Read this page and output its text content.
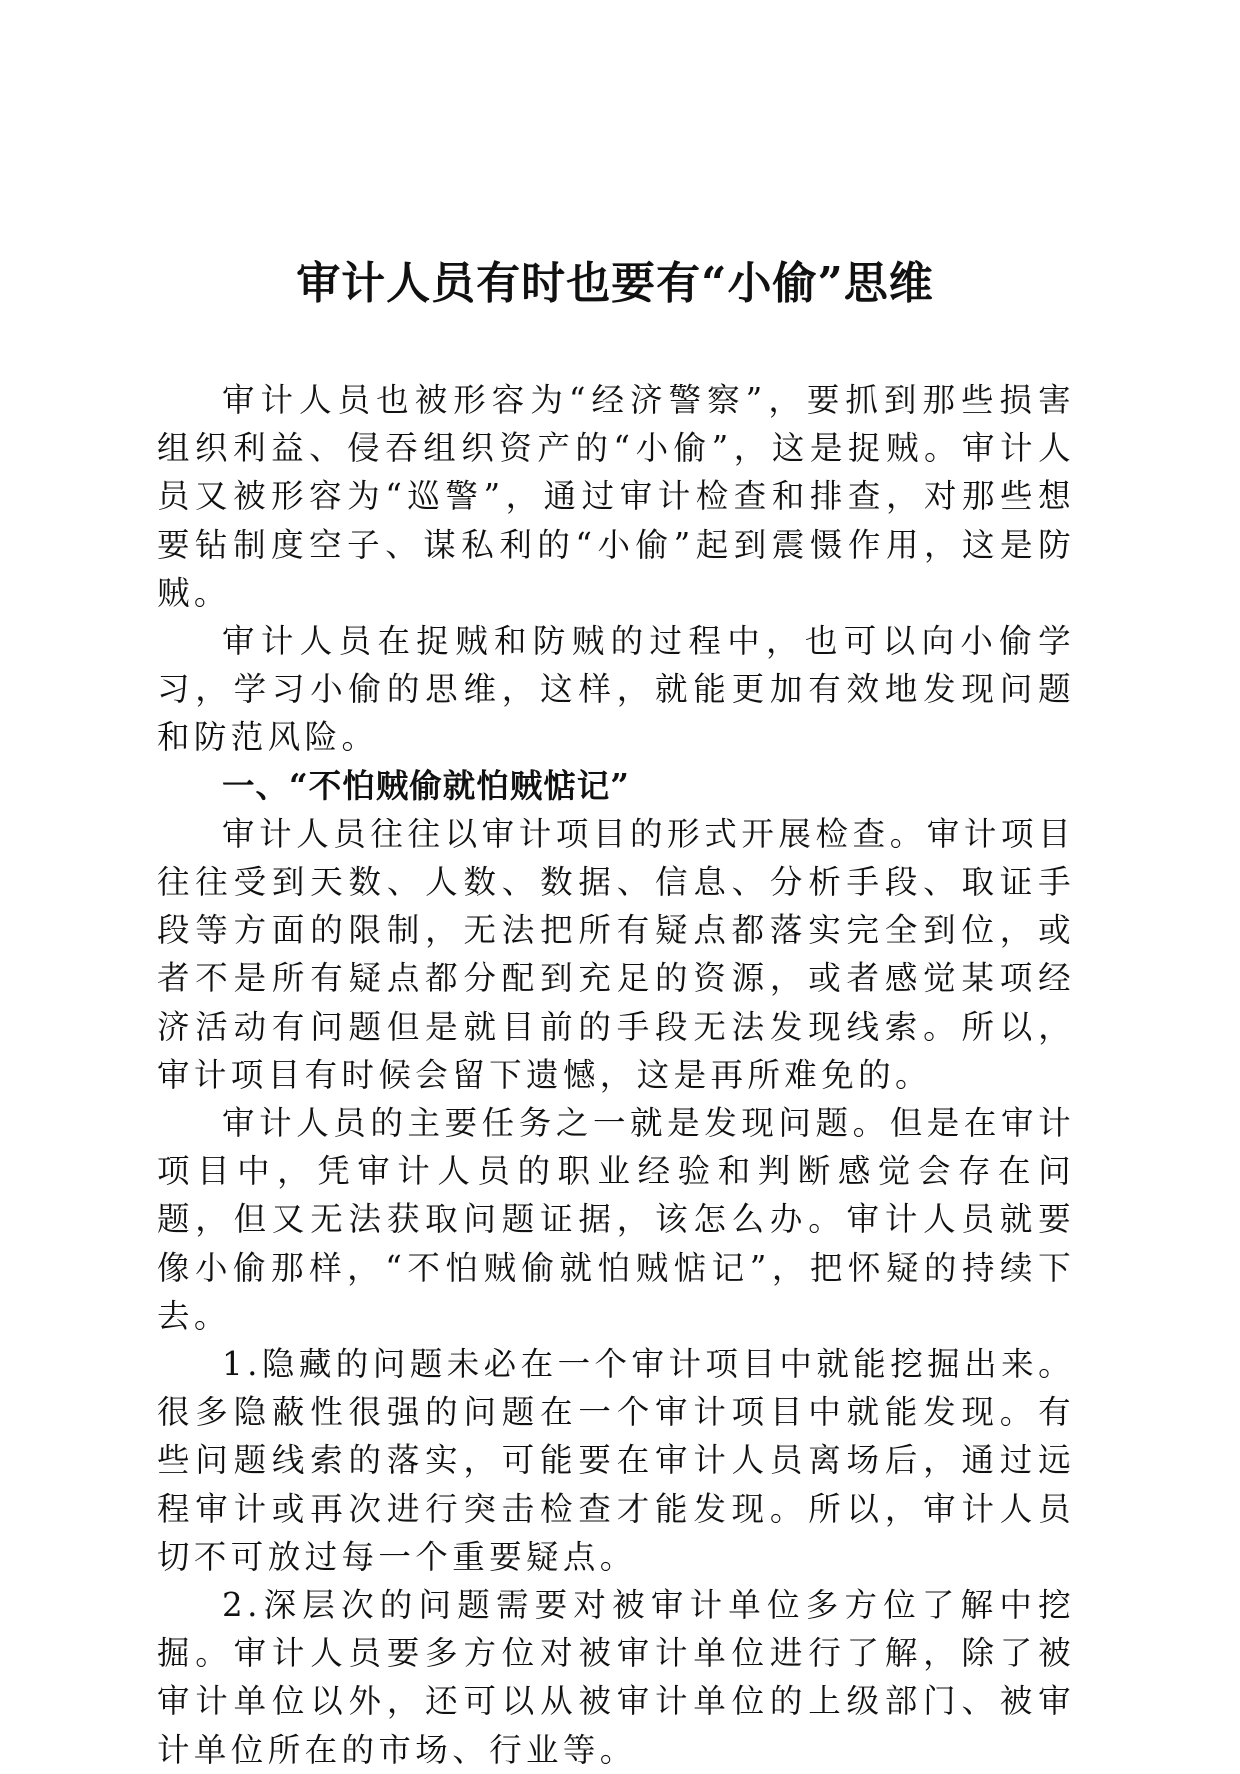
审计人员有时也要有“小偷”思维

审计人员也被形容为“经济警察”，要抓到那些损害组织利益、侵吞组织资产的“小偷”，这是捉贼。审计人员又被形容为“巡警”，通过审计检查和排查，对那些想要钻制度空子、谋私利的“小偷”起到震慑作用，这是防贼。

审计人员在捉贼和防贼的过程中，也可以向小偷学习，学习小偷的思维，这样，就能更加有效地发现问题和防范风险。

一、“不怕贼偷就怕贼惦记”

审计人员往往以审计项目的形式开展检查。审计项目往往受到天数、人数、数据、信息、分析手段、取证手段等方面的限制，无法把所有疑点都落实完全到位，或者不是所有疑点都分配到充足的资源，或者感觉某项经济活动有问题但是就目前的手段无法发现线索。所以，审计项目有时候会留下遗憾，这是再所难免的。

审计人员的主要任务之一就是发现问题。但是在审计项目中，凭审计人员的职业经验和判断感觉会存在问题，但又无法获取问题证据，该怎么办。审计人员就要像小偷那样，“不怕贼偷就怕贼惦记”，把怀疑的持续下去。

1.隐藏的问题未必在一个审计项目中就能挖掘出来。很多隐蔽性很强的问题在一个审计项目中就能发现。有些问题线索的落实，可能要在审计人员离场后，通过远程审计或再次进行突击检查才能发现。所以，审计人员切不可放过每一个重要疑点。

2.深层次的问题需要对被审计单位多方位了解中挖掘。审计人员要多方位对被审计单位进行了解，除了被审计单位以外，还可以从被审计单位的上级部门、被审计单位所在的市场、行业等。
